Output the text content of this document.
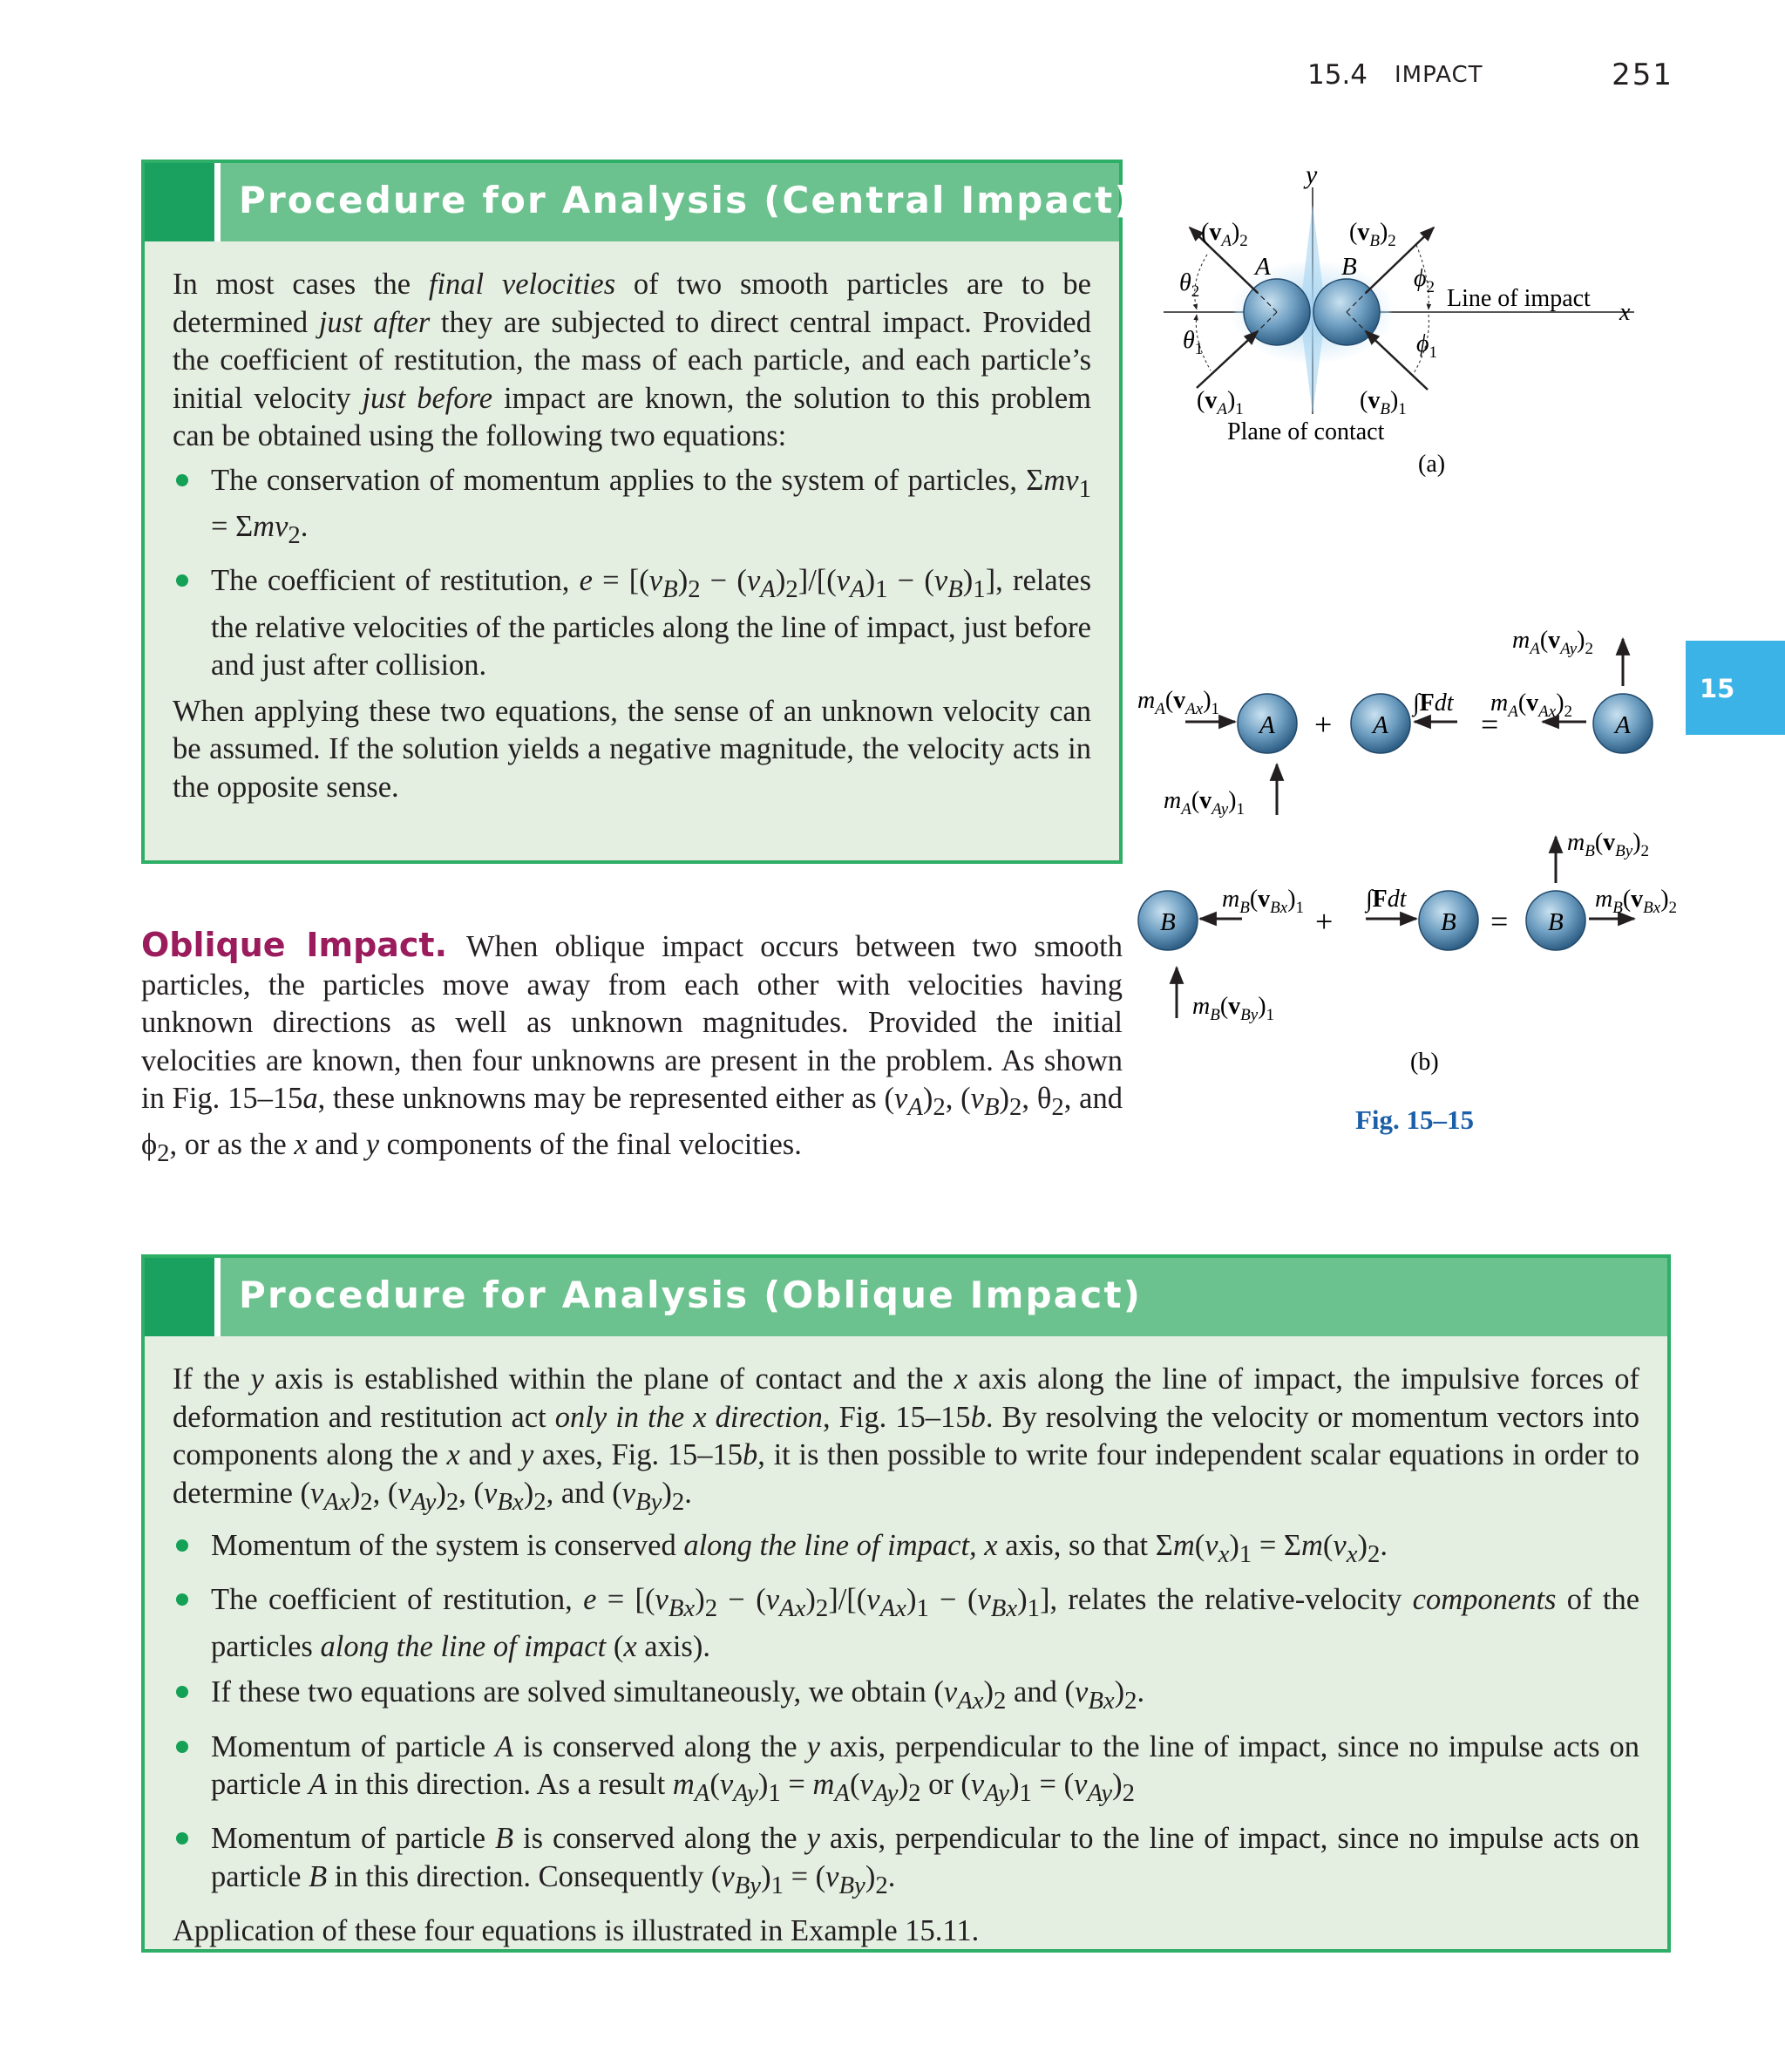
15.4 IMPACT	251
15
Procedure for Analysis (Central Impact)

In most cases the final velocities of two smooth particles are to be determined just after they are subjected to direct central impact. Provided the coefficient of restitution, the mass of each particle, and each particle’s initial velocity just before impact are known, the solution to this problem can be obtained using the following two equations:

The conservation of momentum applies to the system of particles, Σmv$_1$ = Σmv$_2$.
The coefficient of restitution, $e = [(v_B)_2 - (v_A)_2]/[(v_A)_1 - (v_B)_1]$, relates the relative velocities of the particles along the line of impact, just before and just after collision.

When applying these two equations, the sense of an unknown velocity can be assumed. If the solution yields a negative magnitude, the velocity acts in the opposite sense.

Oblique Impact. When oblique impact occurs between two smooth particles, the particles move away from each other with velocities having unknown directions as well as unknown magnitudes. Provided the initial velocities are known, then four unknowns are present in the problem. As shown in Fig. 15–15a, these unknowns may be represented either as $(v_A)_2$, $(v_B)_2$, $\theta_2$, and $\phi_2$, or as the x and y components of the final velocities.
Procedure for Analysis (Oblique Impact)

If the y axis is established within the plane of contact and the x axis along the line of impact, the impulsive forces of deformation and restitution act only in the x direction, Fig. 15–15b. By resolving the velocity or momentum vectors into components along the x and y axes, Fig. 15–15b, it is then possible to write four independent scalar equations in order to determine $(v_{Ax})_2$, $(v_{Ay})_2$, $(v_{Bx})_2$, and $(v_{By})_2$.

Momentum of the system is conserved along the line of impact, x axis, so that $\Sigma m(v_x)_1 = \Sigma m(v_x)_2$.
The coefficient of restitution, $e = [(v_{Bx})_2 - (v_{Ax})_2]/[(v_{Ax})_1 - (v_{Bx})_1]$, relates the relative-velocity components of the particles along the line of impact (x axis).
If these two equations are solved simultaneously, we obtain $(v_{Ax})_2$ and $(v_{Bx})_2$.
Momentum of particle A is conserved along the y axis, perpendicular to the line of impact, since no impulse acts on particle A in this direction. As a result $m_A(v_{Ay})_1 = m_A(v_{Ay})_2$ or $(v_{Ay})_1 = (v_{Ay})_2$
Momentum of particle B is conserved along the y axis, perpendicular to the line of impact, since no impulse acts on particle B in this direction. Consequently $(v_{By})_1 = (v_{By})_2$.

Application of these four equations is illustrated in Example 15.11.

y
x
A	B
Line of impact
Plane of contact
(a)
$(v_A)_2$	$(v_B)_2$
$(v_A)_1$	$(v_B)_1$
$\theta_2$
$\theta_1$
$\phi_2$
$\phi_1$
A	A	A
+	=
$m_A(v_{Ax})_1$
$m_A(v_{Ay})_1$
∫Fdt $m_A(v_{Ax})_2$
$m_A(v_{Ay})_2$
B	B	B
+	=
$m_B(v_{Bx})_1$
$m_B(v_{By})_1$
∫Fdt	$m_B(v_{Bx})_2$
$m_B(v_{By})_2$
(b)
Fig. 15–15
